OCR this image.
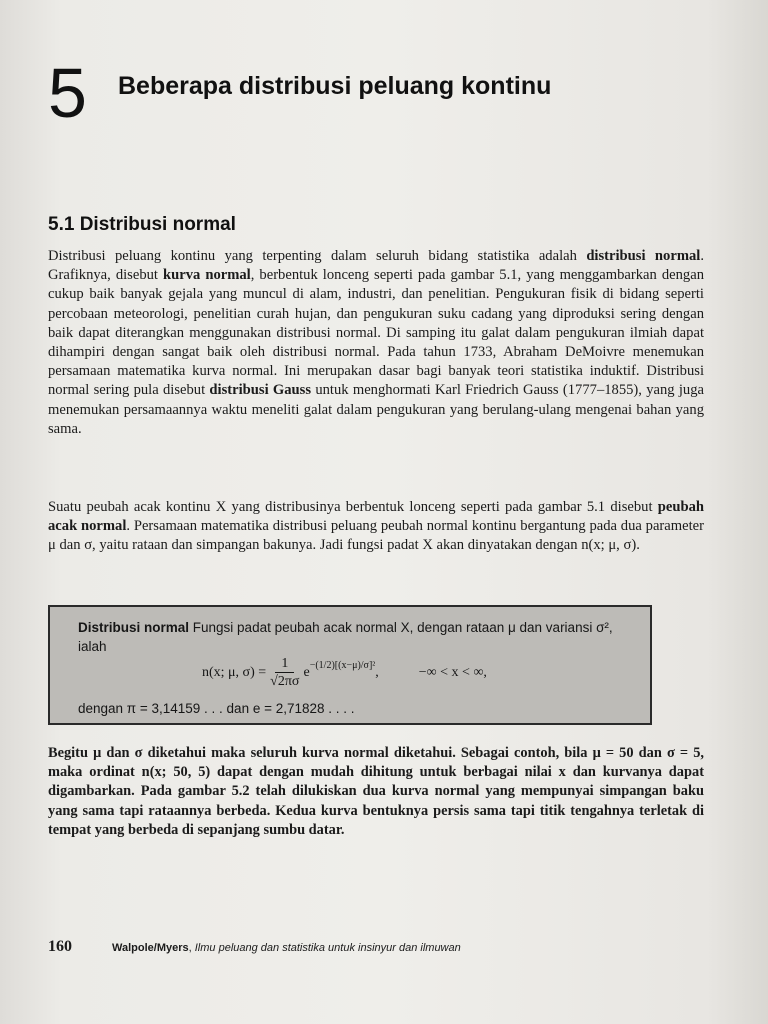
5 Beberapa distribusi peluang kontinu
5.1 Distribusi normal

Distribusi peluang kontinu yang terpenting dalam seluruh bidang statistika adalah distribusi normal. Grafiknya, disebut kurva normal, berbentuk lonceng seperti pada gambar 5.1, yang menggambarkan dengan cukup baik banyak gejala yang muncul di alam, industri, dan penelitian. Pengukuran fisik di bidang seperti percobaan meteorologi, penelitian curah hujan, dan pengukuran suku cadang yang diproduksi sering dengan baik dapat diterangkan menggunakan distribusi normal. Di samping itu galat dalam pengukuran ilmiah dapat dihampiri dengan sangat baik oleh distribusi normal. Pada tahun 1733, Abraham DeMoivre menemukan persamaan matematika kurva normal. Ini merupakan dasar bagi banyak teori statistika induktif. Distribusi normal sering pula disebut distribusi Gauss untuk menghormati Karl Friedrich Gauss (1777–1855), yang juga menemukan persamaannya waktu meneliti galat dalam pengukuran yang berulang-ulang mengenai bahan yang sama.

Suatu peubah acak kontinu X yang distribusinya berbentuk lonceng seperti pada gambar 5.1 disebut peubah acak normal. Persamaan matematika distribusi peluang peubah normal kontinu bergantung pada dua parameter μ dan σ, yaitu rataan dan simpangan bakunya. Jadi fungsi padat X akan dinyatakan dengan n(x; μ, σ).

Distribusi normal Fungsi padat peubah acak normal X, dengan rataan μ dan variansi σ², ialah
n(x; μ, $\sigma) = \frac{1}{√2\pi\sigma}$ e −(1/2)[(x−μ)/σ]² ,	−∞ < x < ∞,
dengan π = 3,14159 . . . dan e = 2,71828 . . . .

Begitu μ dan σ diketahui maka seluruh kurva normal diketahui. Sebagai contoh, bila μ = 50 dan σ = 5, maka ordinat n(x; 50, 5) dapat dengan mudah dihitung untuk berbagai nilai x dan kurvanya dapat digambarkan. Pada gambar 5.2 telah dilukiskan dua kurva normal yang mempunyai simpangan baku yang sama tapi rataannya berbeda. Kedua kurva bentuknya persis sama tapi titik tengahnya terletak di tempat yang berbeda di sepanjang sumbu datar.

160	Walpole/Myers, Ilmu peluang dan statistika untuk insinyur dan ilmuwan
